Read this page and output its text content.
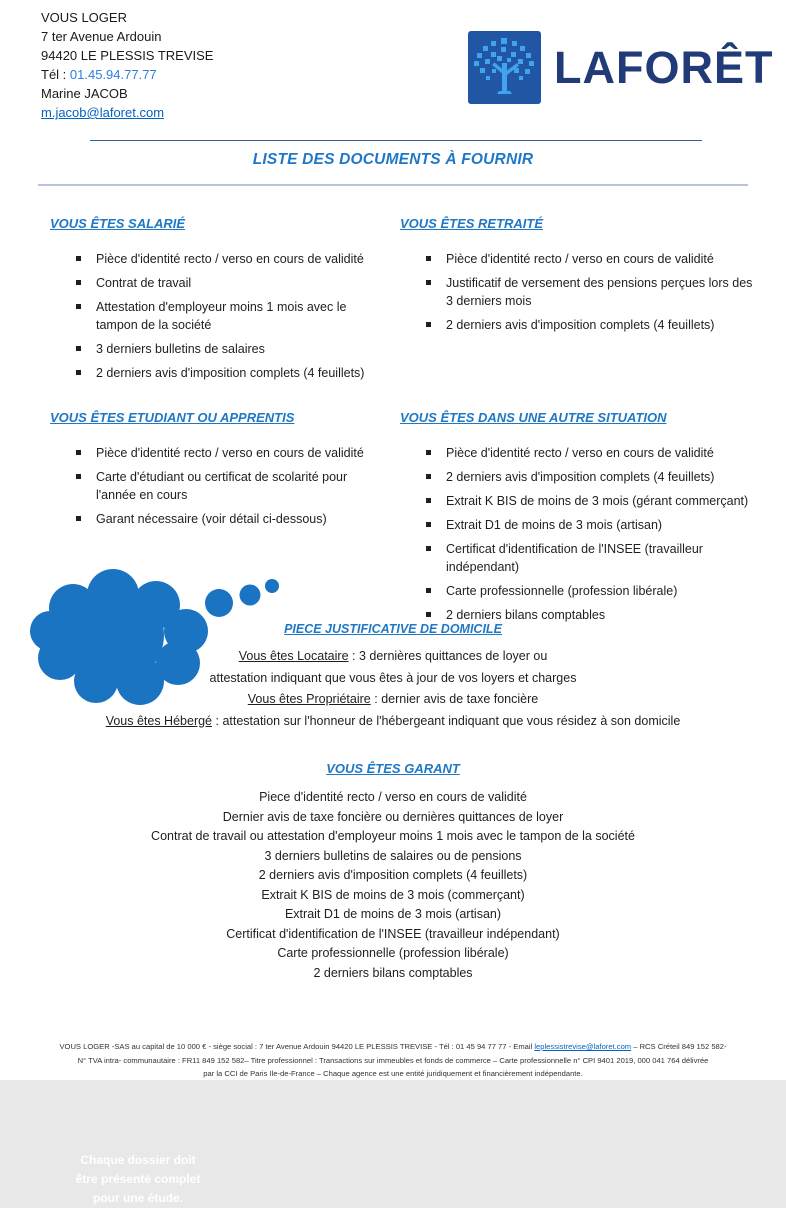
VOUS LOGER
7 ter Avenue Ardouin
94420 LE PLESSIS TREVISE
Tél : 01.45.94.77.77
Marine JACOB
m.jacob@laforet.com
LAFORÊT
LISTE DES DOCUMENTS À FOURNIR
VOUS ÊTES SALARIÉ
Pièce d'identité recto / verso en cours de validité
Contrat de travail
Attestation d'employeur moins 1 mois avec le tampon de la société
3 derniers bulletins de salaires
2 derniers avis d'imposition complets (4 feuillets)
VOUS ÊTES RETRAITÉ
Pièce d'identité recto / verso en cours de validité
Justificatif de versement des pensions perçues lors des 3 derniers mois
2 derniers avis d'imposition complets (4 feuillets)
VOUS ÊTES ETUDIANT OU APPRENTIS
Pièce d'identité recto / verso en cours de validité
Carte d'étudiant ou certificat de scolarité pour l'année en cours
Garant nécessaire (voir détail ci-dessous)
VOUS ÊTES DANS UNE AUTRE SITUATION
Pièce d'identité recto / verso en cours de validité
2 derniers avis d'imposition complets (4 feuillets)
Extrait K BIS de moins de 3 mois (gérant commerçant)
Extrait D1 de moins de 3 mois (artisan)
Certificat d'identification de l'INSEE (travailleur indépendant)
Carte professionnelle (profession libérale)
2 derniers bilans comptables
Chaque dossier doit être présenté complet pour une étude.
PIECE JUSTIFICATIVE DE DOMICILE
Vous êtes Locataire : 3 dernières quittances de loyer ou
attestation indiquant que vous êtes à jour de vos loyers et charges
Vous êtes Propriétaire : dernier avis de taxe foncière
Vous êtes Hébergé : attestation sur l'honneur de l'hébergeant indiquant que vous résidez à son domicile
VOUS ÊTES GARANT
Piece d'identité recto / verso en cours de validité
Dernier avis de taxe foncière ou dernières quittances de loyer
Contrat de travail ou attestation d'employeur moins 1 mois avec le tampon de la société
3 derniers bulletins de salaires ou de pensions
2 derniers avis d'imposition complets (4 feuillets)
Extrait K BIS de moins de 3 mois (commerçant)
Extrait D1 de moins de 3 mois (artisan)
Certificat d'identification de l'INSEE (travailleur indépendant)
Carte professionnelle (profession libérale)
2 derniers bilans comptables
VOUS LOGER -SAS au capital de 10 000 € - siège social : 7 ter Avenue Ardouin 94420 LE PLESSIS TREVISE - Tél : 01 45 94 77 77 - Email leplessistrevise@laforet.com – RCS Créteil 849 152 582-
N° TVA intra- communautaire : FR11 849 152 582– Titre professionnel : Transactions sur immeubles et fonds de commerce – Carte professionnelle n° CPI 9401 2019, 000 041 764 délivrée
par la CCI de Paris Ile-de-France – Chaque agence est une entité juridiquement et financièrement indépendante.
